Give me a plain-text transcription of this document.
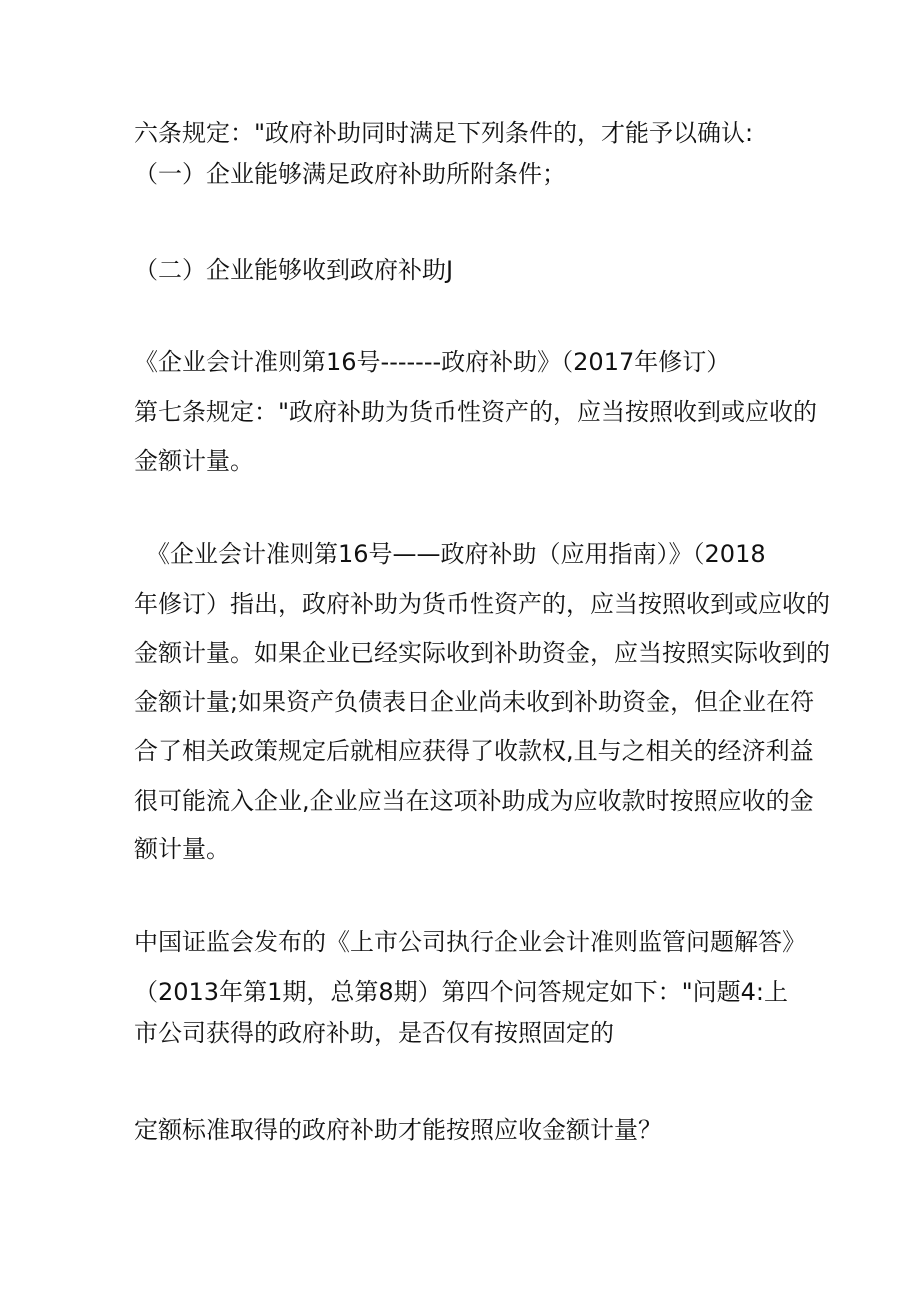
六条规定："政府补助同时满足下列条件的，才能予以确认:
（一）企业能够满足政府补助所附条件；
（二）企业能够收到政府补助J
《企业会计准则第16号-------政府补助》（2017年修订）
第七条规定："政府补助为货币性资产的，应当按照收到或应收的
金额计量。
《企业会计准则第16号——政府补助（应用指南）》（2018
年修订）指出，政府补助为货币性资产的，应当按照收到或应收的
金额计量。如果企业已经实际收到补助资金，应当按照实际收到的
金额计量;如果资产负债表日企业尚未收到补助资金，但企业在符
合了相关政策规定后就相应获得了收款权,且与之相关的经济利益
很可能流入企业,企业应当在这项补助成为应收款时按照应收的金
额计量。
中国证监会发布的《上市公司执行企业会计准则监管问题解答》
（2013年第1期，总第8期）第四个问答规定如下："问题4:上
市公司获得的政府补助，是否仅有按照固定的
定额标准取得的政府补助才能按照应收金额计量？
